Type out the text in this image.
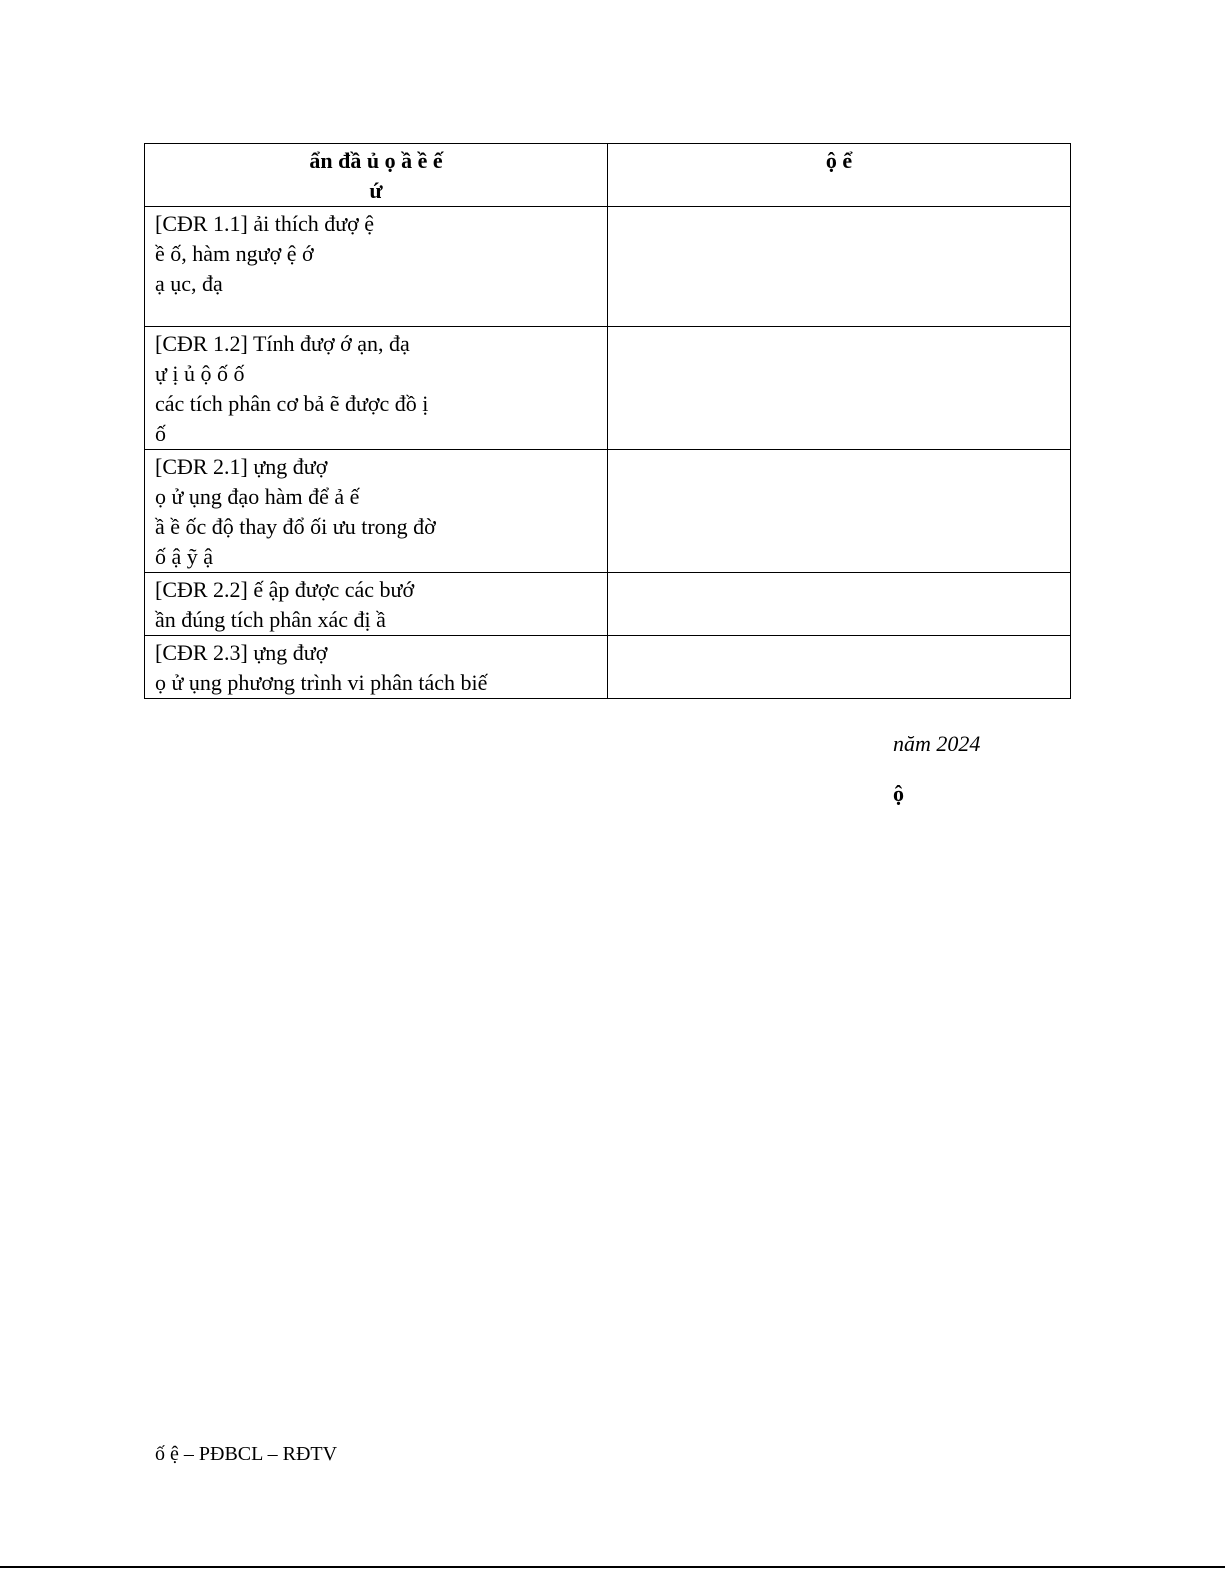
ẩn đầ ủ ọ ầ ề ế
ứ	ộ ể
[CĐR 1.1] ải thích đượ ệ
ề ố, hàm ngượ ệ ớ
ạ ục, đạ	
[CĐR 1.2] Tính đượ ớ ạn, đạ
ự ị ủ ộ ố ố
các tích phân cơ bả ẽ được đồ ị
ố	
[CĐR 2.1] ựng đượ
ọ ử ụng đạo hàm để ả ế
ầ ề ốc độ thay đổ ối ưu trong đờ
ố ậ ỹ ậ	
[CĐR 2.2] ế ập được các bướ
ần đúng tích phân xác đị ầ	
[CĐR 2.3] ựng đượ
ọ ử ụng phương trình vi phân tách biế	
năm 2024
ộ
ố ệ – PĐBCL – RĐTV
